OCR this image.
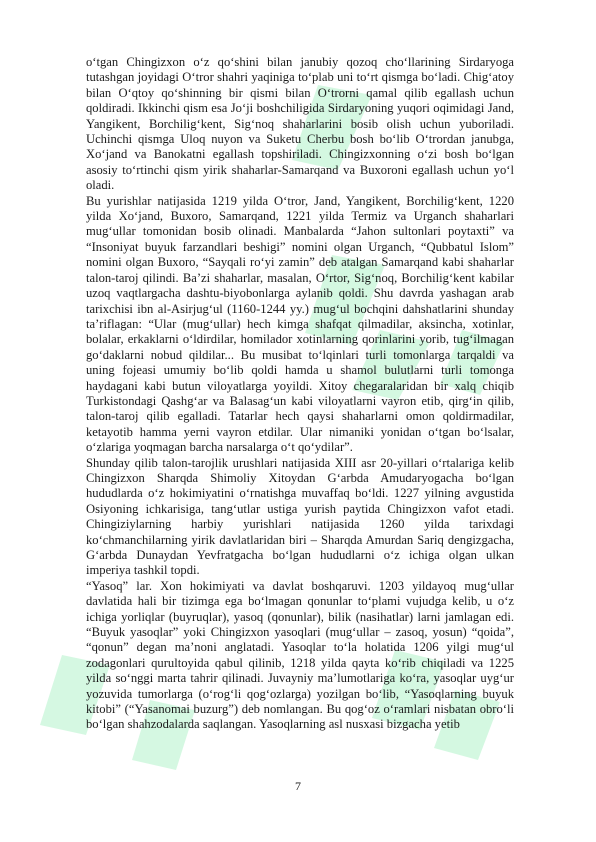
o‘tgan Chingizxon o‘z qo‘shini bilan janubiy qozoq cho‘llarining Sirdaryoga tutashgan joyidagi O‘tror shahri yaqiniga to‘plab uni to‘rt qismga bo‘ladi. Chig‘atoy bilan O‘qtoy qo‘shinning bir qismi bilan O‘trorni qamal qilib egallash uchun qoldiradi. Ikkinchi qism esa Jo‘ji boshchiligida Sirdaryoning yuqori oqimidagi Jand, Yangikent, Borchilig‘kent, Sig‘noq shaharlarini bosib olish uchun yuboriladi. Uchinchi qismga Uloq nuyon va Suketu Cherbu bosh bo‘lib O‘trordan janubga, Xo‘jand va Banokatni egallash topshiriladi. Chingizxonning o‘zi bosh bo‘lgan asosiy to‘rtinchi qism yirik shaharlar-Samarqand va Buxoroni egallash uchun yo‘l oladi.

Bu yurishlar natijasida 1219 yilda O‘tror, Jand, Yangikent, Borchilig‘kent, 1220 yilda Xo‘jand, Buxoro, Samarqand, 1221 yilda Termiz va Urganch shaharlari mug‘ullar tomonidan bosib olinadi. Manbalarda “Jahon sultonlari poytaxti” va “Insoniyat buyuk farzandlari beshigi” nomini olgan Urganch, “Qubbatul Islom” nomini olgan Buxoro, “Sayqali ro‘yi zamin” deb atalgan Samarqand kabi shaharlar talon-taroj qilindi. Ba’zi shaharlar, masalan, O‘rtor, Sig‘noq, Borchilig‘kent kabilar uzoq vaqtlargacha dashtu-biyobonlarga aylanib qoldi. Shu davrda yashagan arab tarixchisi ibn al-Asirjug‘ul (1160-1244 yy.) mug‘ul bochqini dahshatlarini shunday ta’riflagan: “Ular (mug‘ullar) hech kimga shafqat qilmadilar, aksincha, xotinlar, bolalar, erkaklarni o‘ldirdilar, homilador xotinlarning qorinlarini yorib, tug‘ilmagan go‘daklarni nobud qildilar... Bu musibat to‘lqinlari turli tomonlarga tarqaldi va uning fojeasi umumiy bo‘lib qoldi hamda u shamol bulutlarni turli tomonga haydagani kabi butun viloyatlarga yoyildi. Xitoy chegaralaridan bir xalq chiqib Turkistondagi Qashg‘ar va Balasag‘un kabi viloyatlarni vayron etib, qirg‘in qilib, talon-taroj qilib egalladi. Tatarlar hech qaysi shaharlarni omon qoldirmadilar, ketayotib hamma yerni vayron etdilar. Ular nimaniki yonidan o‘tgan bo‘lsalar, o‘zlariga yoqmagan barcha narsalarga o‘t qo‘ydilar”.

Shunday qilib talon-tarojlik urushlari natijasida XIII asr 20-yillari o‘rtalariga kelib Chingizxon Sharqda Shimoliy Xitoydan G‘arbda Amudaryogacha bo‘lgan hududlarda o‘z hokimiyatini o‘rnatishga muvaffaq bo‘ldi. 1227 yilning avgustida Osiyoning ichkarisiga, tang‘utlar ustiga yurish paytida Chingizxon vafot etadi. Chingiziylarning harbiy yurishlari natijasida 1260 yilda tarixdagi ko‘chmanchilarning yirik davlatlaridan biri – Sharqda Amurdan Sariq dengizgacha, G‘arbda Dunaydan Yevfratgacha bo‘lgan hududlarni o‘z ichiga olgan ulkan imperiya tashkil topdi.

“Yasoq” lar. Xon hokimiyati va davlat boshqaruvi. 1203 yildayoq mug‘ullar davlatida hali bir tizimga ega bo‘lmagan qonunlar to‘plami vujudga kelib, u o‘z ichiga yorliqlar (buyruqlar), yasoq (qonunlar), bilik (nasihatlar) larni jamlagan edi. “Buyuk yasoqlar” yoki Chingizxon yasoqlari (mug‘ullar – zasoq, yosun) “qoida”, “qonun” degan ma’noni anglatadi. Yasoqlar to‘la holatida 1206 yilgi mug‘ul zodagonlari qurultoyida qabul qilinib, 1218 yilda qayta ko‘rib chiqiladi va 1225 yilda so‘nggi marta tahrir qilinadi. Juvayniy ma’lumotlariga ko‘ra, yasoqlar uyg‘ur yozuvida tumorlarga (o‘rog‘li qog‘ozlarga) yozilgan bo‘lib, “Yasoqlarning buyuk kitobi” (“Yasanomai buzurg”) deb nomlangan. Bu qog‘oz o‘ramlari nisbatan obro‘li bo‘lgan shahzodalarda saqlangan. Yasoqlarning asl nusxasi bizgacha yetib

7
